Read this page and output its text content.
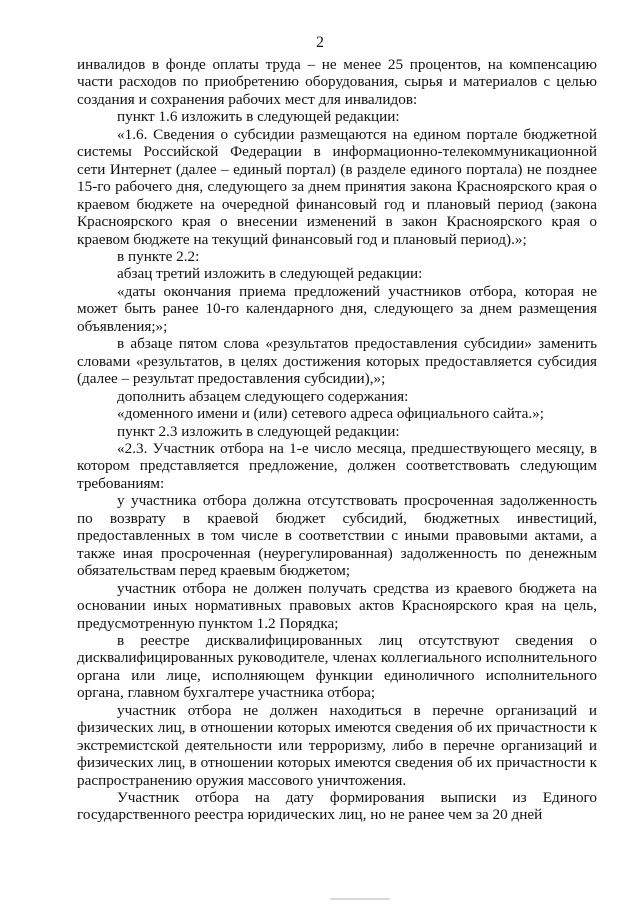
2

инвалидов в фонде оплаты труда – не менее 25 процентов, на компенсацию части расходов по приобретению оборудования, сырья и материалов с целью создания и сохранения рабочих мест для инвалидов:

пункт 1.6 изложить в следующей редакции:

«1.6. Сведения о субсидии размещаются на едином портале бюджетной системы Российской Федерации в информационно-телекоммуникационной сети Интернет (далее – единый портал) (в разделе единого портала) не позднее 15-го рабочего дня, следующего за днем принятия закона Красноярского края о краевом бюджете на очередной финансовый год и плановый период (закона Красноярского края о внесении изменений в закон Красноярского края о краевом бюджете на текущий финансовый год и плановый период).»;

в пункте 2.2:

абзац третий изложить в следующей редакции:

«даты окончания приема предложений участников отбора, которая не может быть ранее 10-го календарного дня, следующего за днем размещения объявления;»;

в абзаце пятом слова «результатов предоставления субсидии» заменить словами «результатов, в целях достижения которых предоставляется субсидия (далее – результат предоставления субсидии),»;

дополнить абзацем следующего содержания:

«доменного имени и (или) сетевого адреса официального сайта.»;

пункт 2.3 изложить в следующей редакции:

«2.3. Участник отбора на 1-е число месяца, предшествующего месяцу, в котором представляется предложение, должен соответствовать следующим требованиям:

у участника отбора должна отсутствовать просроченная задолженность по возврату в краевой бюджет субсидий, бюджетных инвестиций, предоставленных в том числе в соответствии с иными правовыми актами, а также иная просроченная (неурегулированная) задолженность по денежным обязательствам перед краевым бюджетом;

участник отбора не должен получать средства из краевого бюджета на основании иных нормативных правовых актов Красноярского края на цель, предусмотренную пунктом 1.2 Порядка;

в реестре дисквалифицированных лиц отсутствуют сведения о дисквалифицированных руководителе, членах коллегиального исполнительного органа или лице, исполняющем функции единоличного исполнительного органа, главном бухгалтере участника отбора;

участник отбора не должен находиться в перечне организаций и физических лиц, в отношении которых имеются сведения об их причастности к экстремистской деятельности или терроризму, либо в перечне организаций и физических лиц, в отношении которых имеются сведения об их причастности к распространению оружия массового уничтожения.

Участник отбора на дату формирования выписки из Единого государственного реестра юридических лиц, но не ранее чем за 20 дней
